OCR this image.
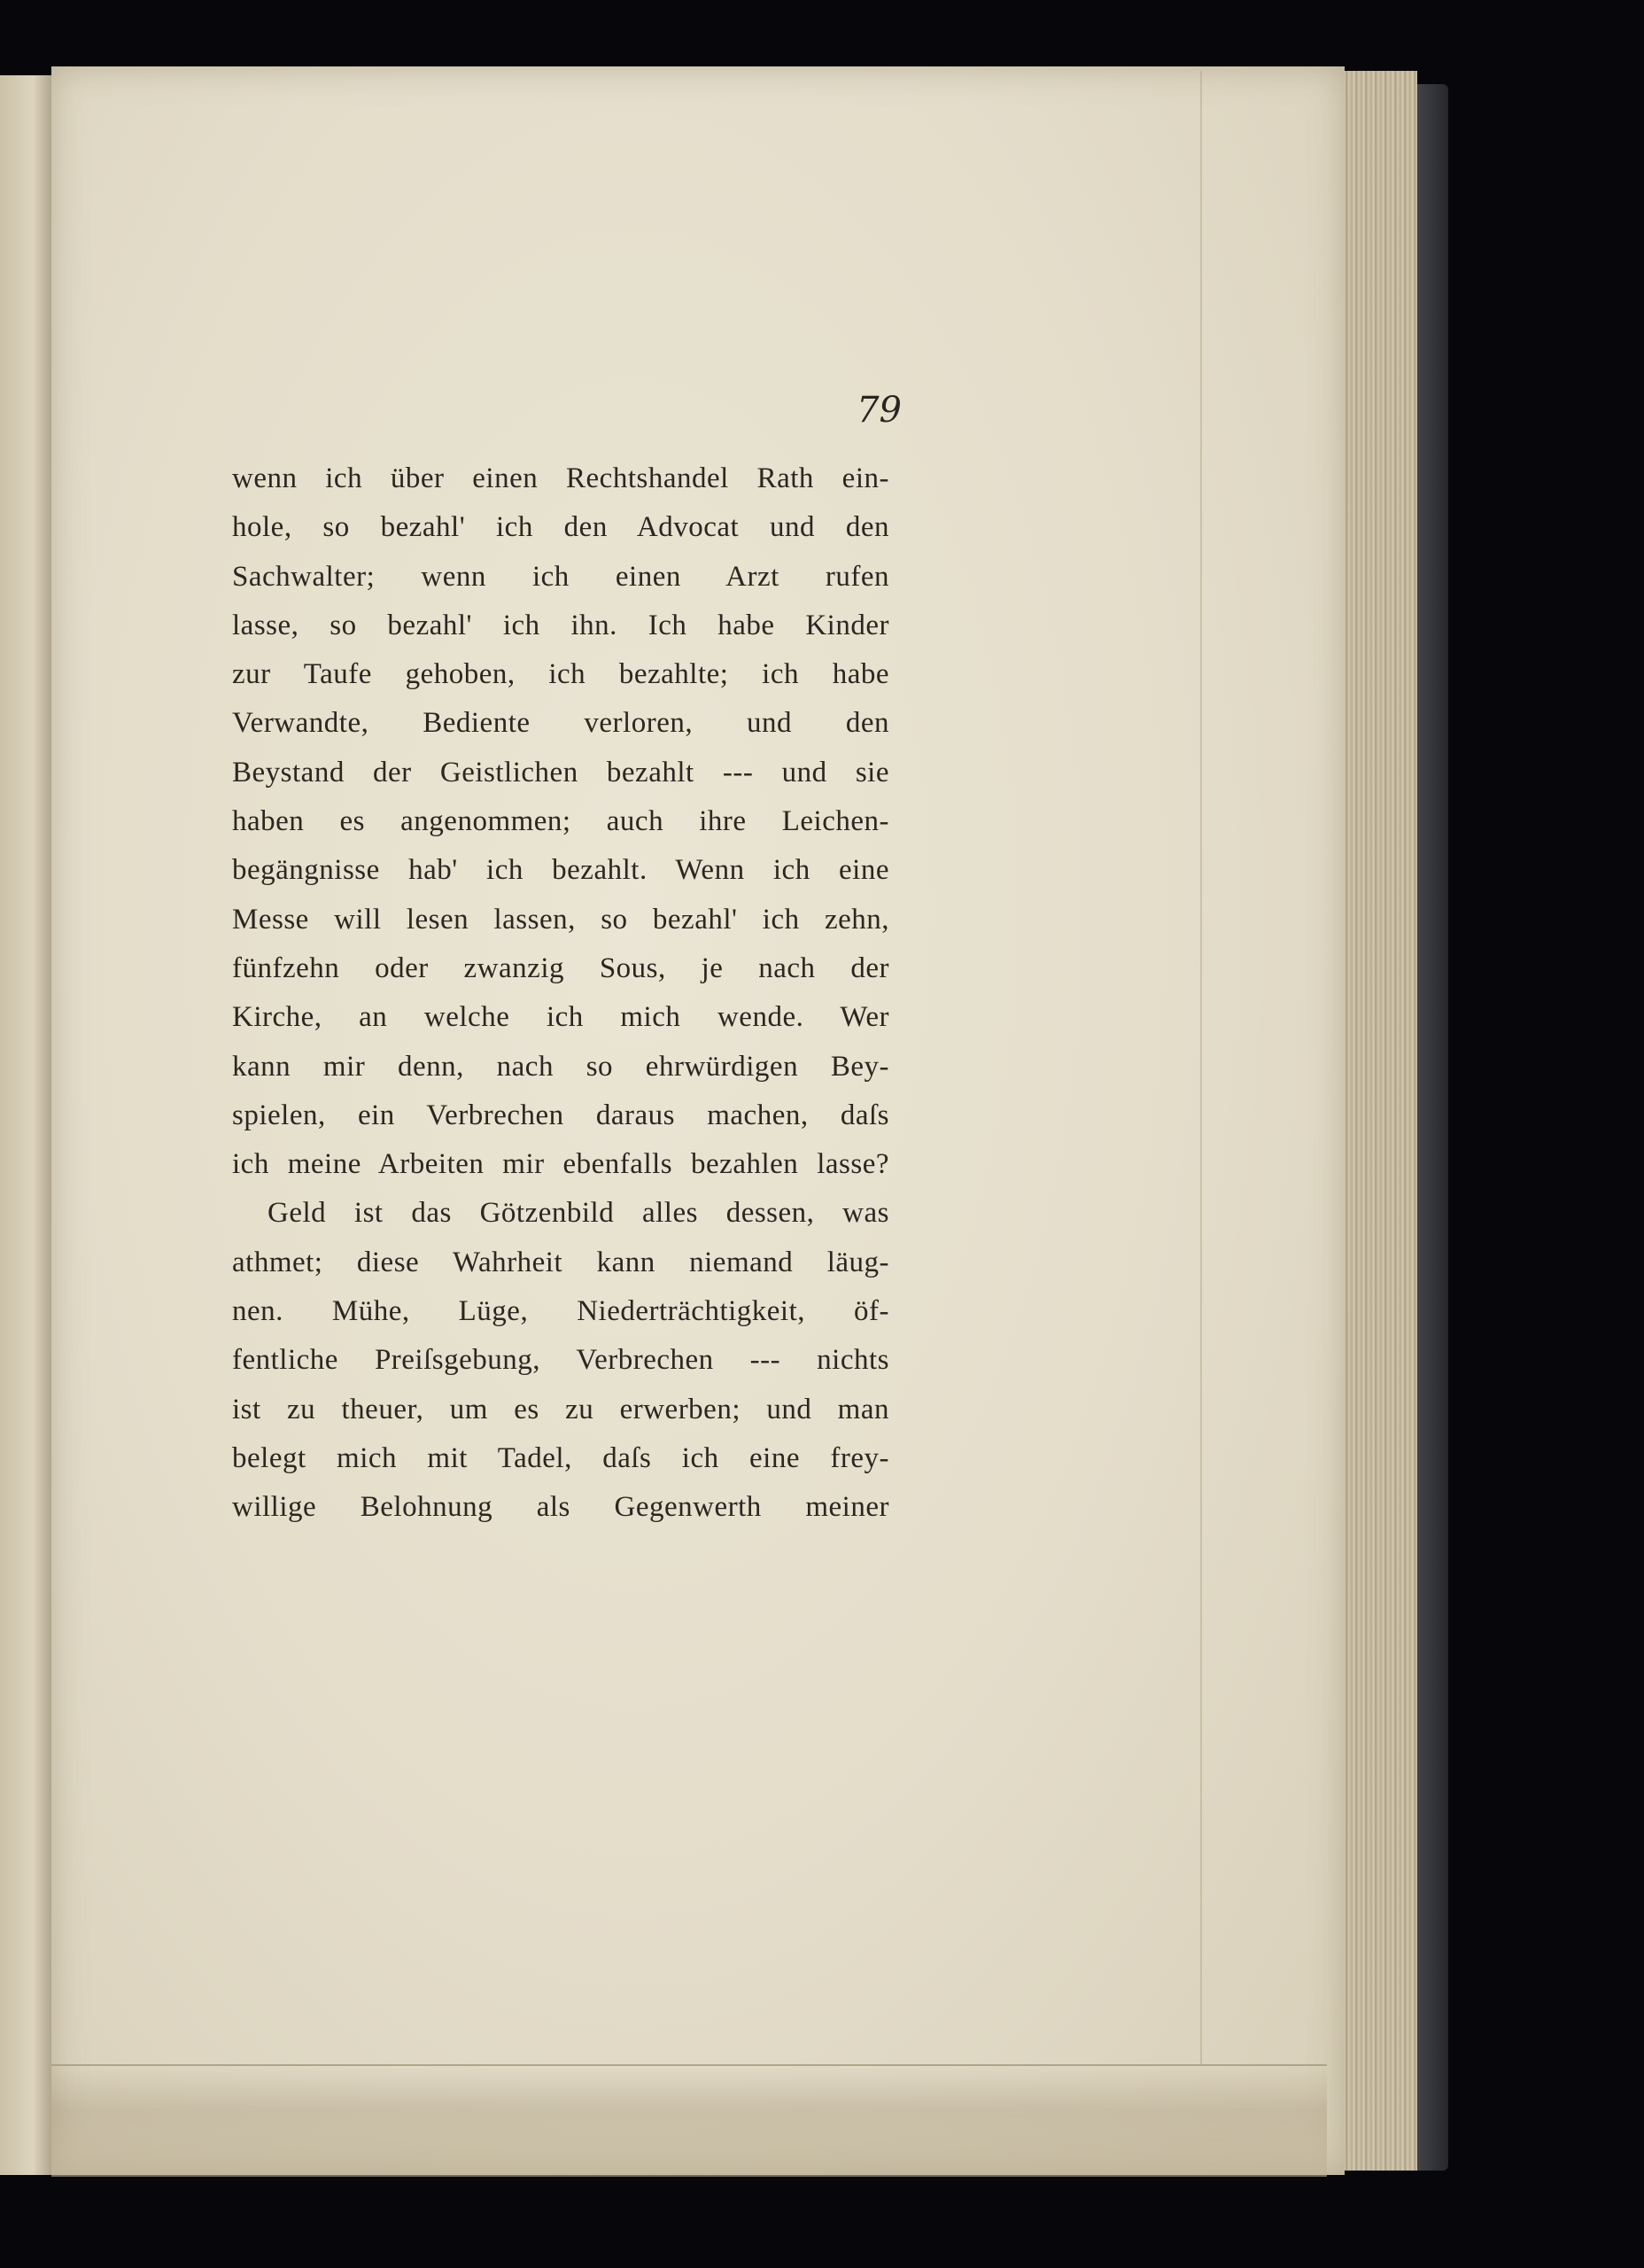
79

wenn ich über einen Rechtshandel Rath ein-
hole, so bezahl' ich den Advocat und den
Sachwalter; wenn ich einen Arzt rufen
lasse, so bezahl' ich ihn. Ich habe Kinder
zur Taufe gehoben, ich bezahlte; ich habe
Verwandte, Bediente verloren, und den
Beystand der Geistlichen bezahlt --- und sie
haben es angenommen; auch ihre Leichen-
begängnisse hab' ich bezahlt. Wenn ich eine
Messe will lesen lassen, so bezahl' ich zehn,
fünfzehn oder zwanzig Sous, je nach der
Kirche, an welche ich mich wende. Wer
kann mir denn, nach so ehrwürdigen Bey-
spielen, ein Verbrechen daraus machen, daſs
ich meine Arbeiten mir ebenfalls bezahlen lasse?
Geld ist das Götzenbild alles dessen, was
athmet; diese Wahrheit kann niemand läug-
nen. Mühe, Lüge, Niederträchtigkeit, öf-
fentliche Preiſsgebung, Verbrechen --- nichts
ist zu theuer, um es zu erwerben; und man
belegt mich mit Tadel, daſs ich eine frey-
willige Belohnung als Gegenwerth meiner
